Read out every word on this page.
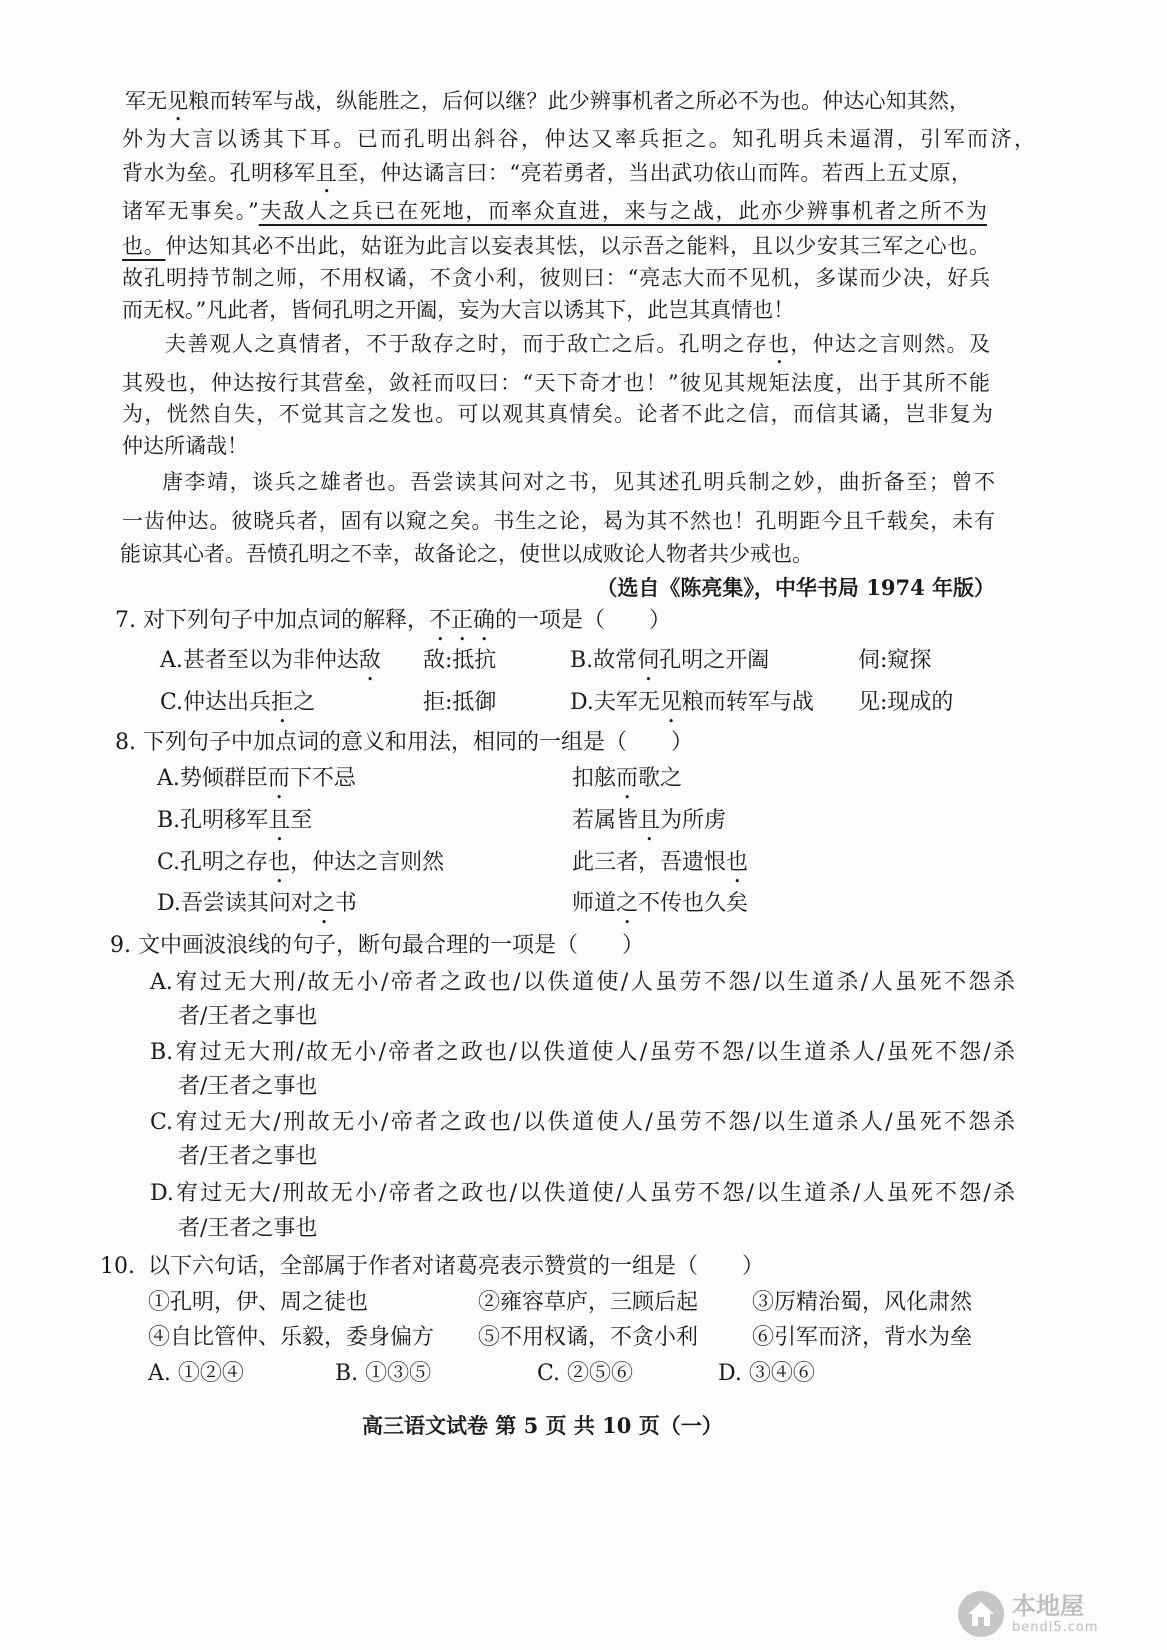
军无见粮而转军与战，纵能胜之，后何以继？此少辨事机者之所必不为也。仲达心知其然，
外为大言以诱其下耳。已而孔明出斜谷，仲达又率兵拒之。知孔明兵未逼渭，引军而济，
背水为垒。孔明移军且至，仲达谲言曰：“亮若勇者，当出武功依山而阵。若西上五丈原，
诸军无事矣。”夫敌人之兵已在死地，而率众直进，来与之战，此亦少辨事机者之所不为
也。仲达知其必不出此，姑诳为此言以妄表其怯，以示吾之能料，且以少安其三军之心也。
故孔明持节制之师，不用权谲，不贪小利，彼则曰：“亮志大而不见机，多谋而少决，好兵
而无权。”凡此者，皆伺孔明之开阖，妄为大言以诱其下，此岂其真情也！
夫善观人之真情者，不于敌存之时，而于敌亡之后。孔明之存也，仲达之言则然。及
其殁也，仲达按行其营垒，敛衽而叹曰：“天下奇才也！”彼见其规矩法度，出于其所不能
为，恍然自失，不觉其言之发也。可以观其真情矣。论者不此之信，而信其谲，岂非复为
仲达所谲哉！
唐李靖，谈兵之雄者也。吾尝读其问对之书，见其述孔明兵制之妙，曲折备至；曾不
一齿仲达。彼晓兵者，固有以窥之矣。书生之论，曷为其不然也！孔明距今且千载矣，未有
能谅其心者。吾愤孔明之不幸，故备论之，使世以成败论人物者共少戒也。
（选自《陈亮集》，中华书局 1974 年版）
7. 对下列句子中加点词的解释，不正确的一项是（　　）
A.甚者至以为非仲达敌 敌:抵抗	B.故常伺孔明之开阖	伺:窥探
C.仲达出兵拒之	拒:抵御	D.夫军无见粮而转军与战 见:现成的
8. 下列句子中加点词的意义和用法，相同的一组是（　　）
A.势倾群臣而下不忌	扣舷而歌之
B.孔明移军且至	若属皆且为所虏
C.孔明之存也，仲达之言则然	此三者，吾遗恨也
D.吾尝读其问对之书	师道之不传也久矣
9. 文中画波浪线的句子，断句最合理的一项是（　　）
A.宥过无大刑/故无小/帝者之政也/以佚道使/人虽劳不怨/以生道杀/人虽死不怨杀
者/王者之事也
B.宥过无大刑/故无小/帝者之政也/以佚道使人/虽劳不怨/以生道杀人/虽死不怨/杀
者/王者之事也
C.宥过无大/刑故无小/帝者之政也/以佚道使人/虽劳不怨/以生道杀人/虽死不怨杀
者/王者之事也
D.宥过无大/刑故无小/帝者之政也/以佚道使/人虽劳不怨/以生道杀/人虽死不怨/杀
者/王者之事也
10. 以下六句话，全部属于作者对诸葛亮表示赞赏的一组是（　　）
①孔明，伊、周之徒也	②雍容草庐，三顾后起 ③厉精治蜀，风化肃然
④自比管仲、乐毅，委身偏方 ⑤不用权谲，不贪小利 ⑥引军而济，背水为垒
A. ①②④	B. ①③⑤	C. ②⑤⑥	D. ③④⑥
高三语文试卷 第 5 页 共 10 页（一）
本地屋
bendi5.com
